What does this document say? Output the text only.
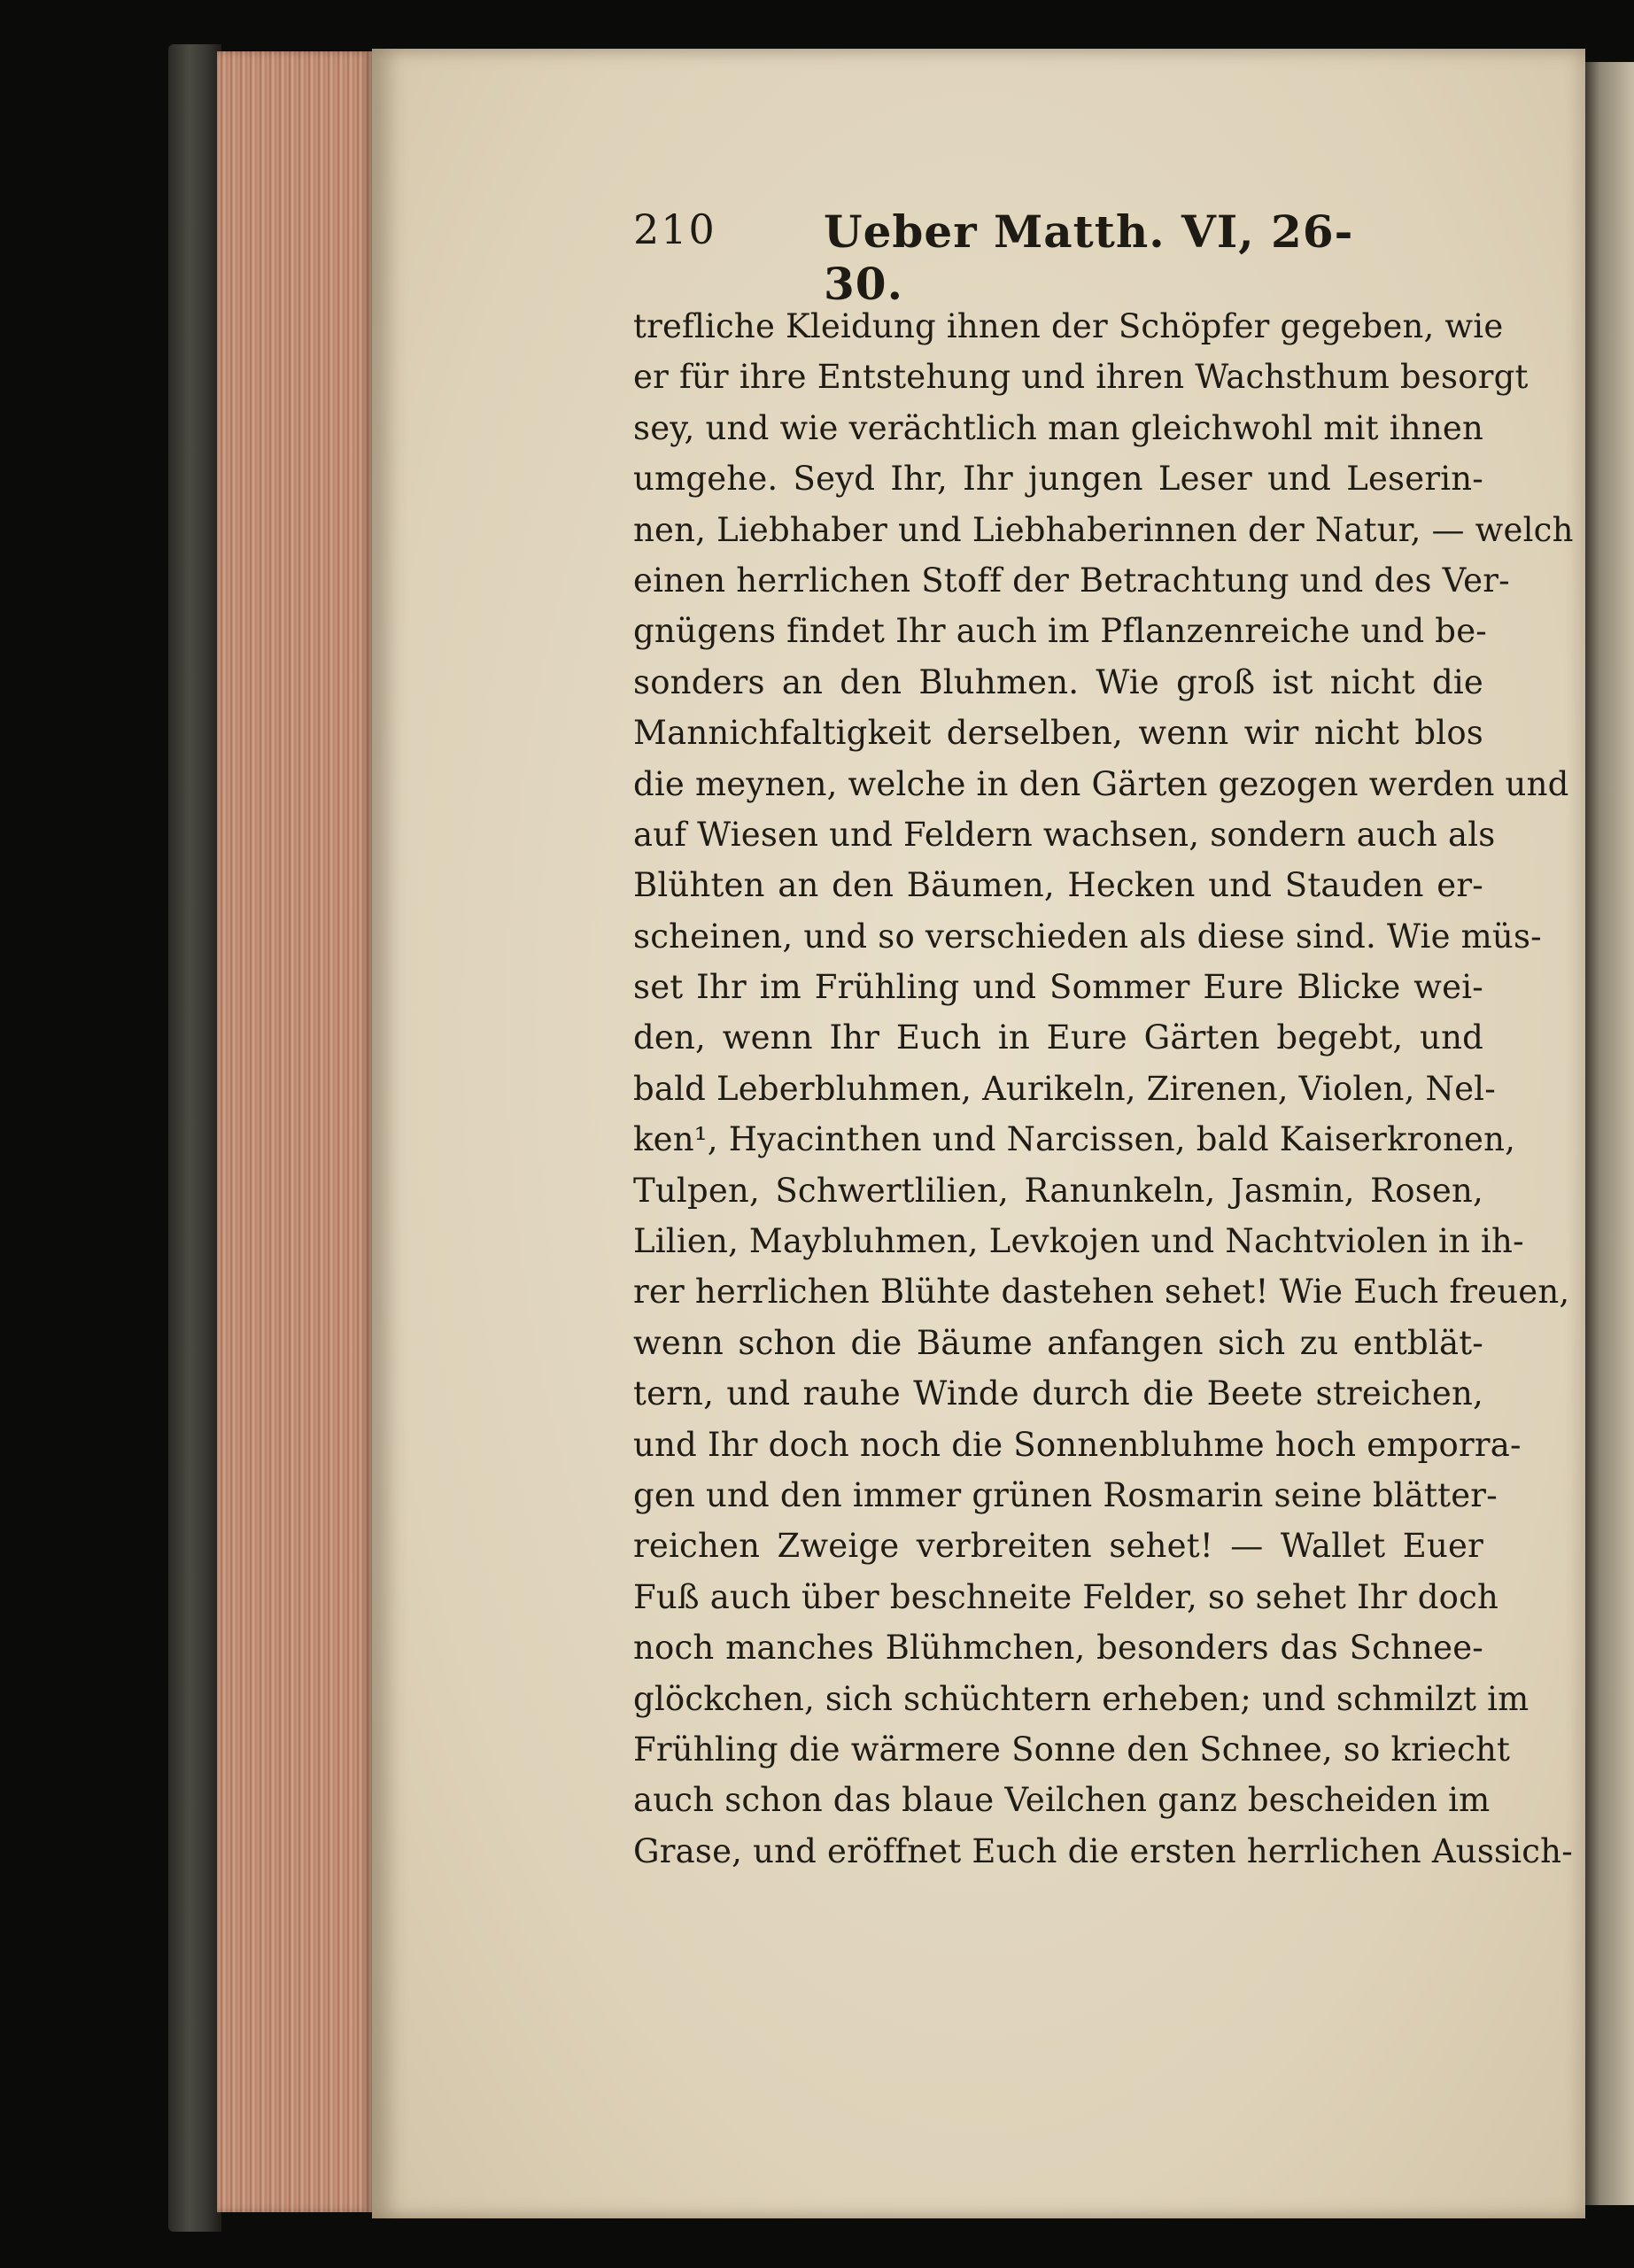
210 Ueber Matth. VI, 26-30.
trefliche Kleidung ihnen der Schöpfer gegeben, wie
er für ihre Entstehung und ihren Wachsthum besorgt
sey, und wie verächtlich man gleichwohl mit ihnen
umgehe. Seyd Ihr, Ihr jungen Leser und Leserin-
nen, Liebhaber und Liebhaberinnen der Natur, — welch
einen herrlichen Stoff der Betrachtung und des Ver-
gnügens findet Ihr auch im Pflanzenreiche und be-
sonders an den Bluhmen. Wie groß ist nicht die
Mannichfaltigkeit derselben, wenn wir nicht blos
die meynen, welche in den Gärten gezogen werden und
auf Wiesen und Feldern wachsen, sondern auch als
Blühten an den Bäumen, Hecken und Stauden er-
scheinen, und so verschieden als diese sind. Wie müs-
set Ihr im Frühling und Sommer Eure Blicke wei-
den, wenn Ihr Euch in Eure Gärten begebt, und
bald Leberbluhmen, Aurikeln, Zirenen, Violen, Nel-
ken¹, Hyacinthen und Narcissen, bald Kaiserkronen,
Tulpen, Schwertlilien, Ranunkeln, Jasmin, Rosen,
Lilien, Maybluhmen, Levkojen und Nachtviolen in ih-
rer herrlichen Blühte dastehen sehet! Wie Euch freuen,
wenn schon die Bäume anfangen sich zu entblät-
tern, und rauhe Winde durch die Beete streichen,
und Ihr doch noch die Sonnenbluhme hoch emporra-
gen und den immer grünen Rosmarin seine blätter-
reichen Zweige verbreiten sehet! — Wallet Euer
Fuß auch über beschneite Felder, so sehet Ihr doch
noch manches Blühmchen, besonders das Schnee-
glöckchen, sich schüchtern erheben; und schmilzt im
Frühling die wärmere Sonne den Schnee, so kriecht
auch schon das blaue Veilchen ganz bescheiden im
Grase, und eröffnet Euch die ersten herrlichen Aussich-
